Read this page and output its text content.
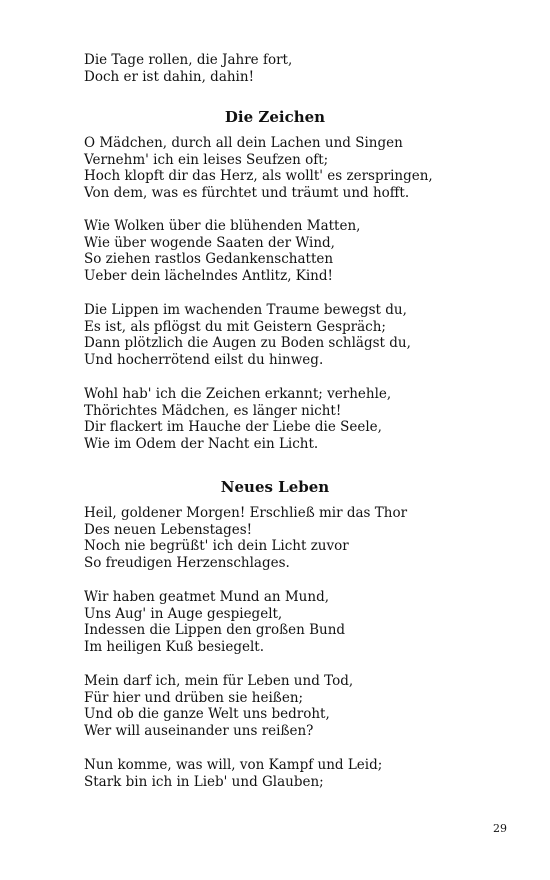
Die Tage rollen, die Jahre fort,
Doch er ist dahin, dahin!
Die Zeichen
O Mädchen, durch all dein Lachen und Singen
Vernehm' ich ein leises Seufzen oft;
Hoch klopft dir das Herz, als wollt' es zerspringen,
Von dem, was es fürchtet und träumt und hofft.
Wie Wolken über die blühenden Matten,
Wie über wogende Saaten der Wind,
So ziehen rastlos Gedankenschatten
Ueber dein lächelndes Antlitz, Kind!
Die Lippen im wachenden Traume bewegst du,
Es ist, als pflögst du mit Geistern Gespräch;
Dann plötzlich die Augen zu Boden schlägst du,
Und hocherrötend eilst du hinweg.
Wohl hab' ich die Zeichen erkannt; verhehle,
Thörichtes Mädchen, es länger nicht!
Dir flackert im Hauche der Liebe die Seele,
Wie im Odem der Nacht ein Licht.
Neues Leben
Heil, goldener Morgen! Erschließ mir das Thor
Des neuen Lebenstages!
Noch nie begrüßt' ich dein Licht zuvor
So freudigen Herzenschlages.
Wir haben geatmet Mund an Mund,
Uns Aug' in Auge gespiegelt,
Indessen die Lippen den großen Bund
Im heiligen Kuß besiegelt.
Mein darf ich, mein für Leben und Tod,
Für hier und drüben sie heißen;
Und ob die ganze Welt uns bedroht,
Wer will auseinander uns reißen?
Nun komme, was will, von Kampf und Leid;
Stark bin ich in Lieb' und Glauben;
29
